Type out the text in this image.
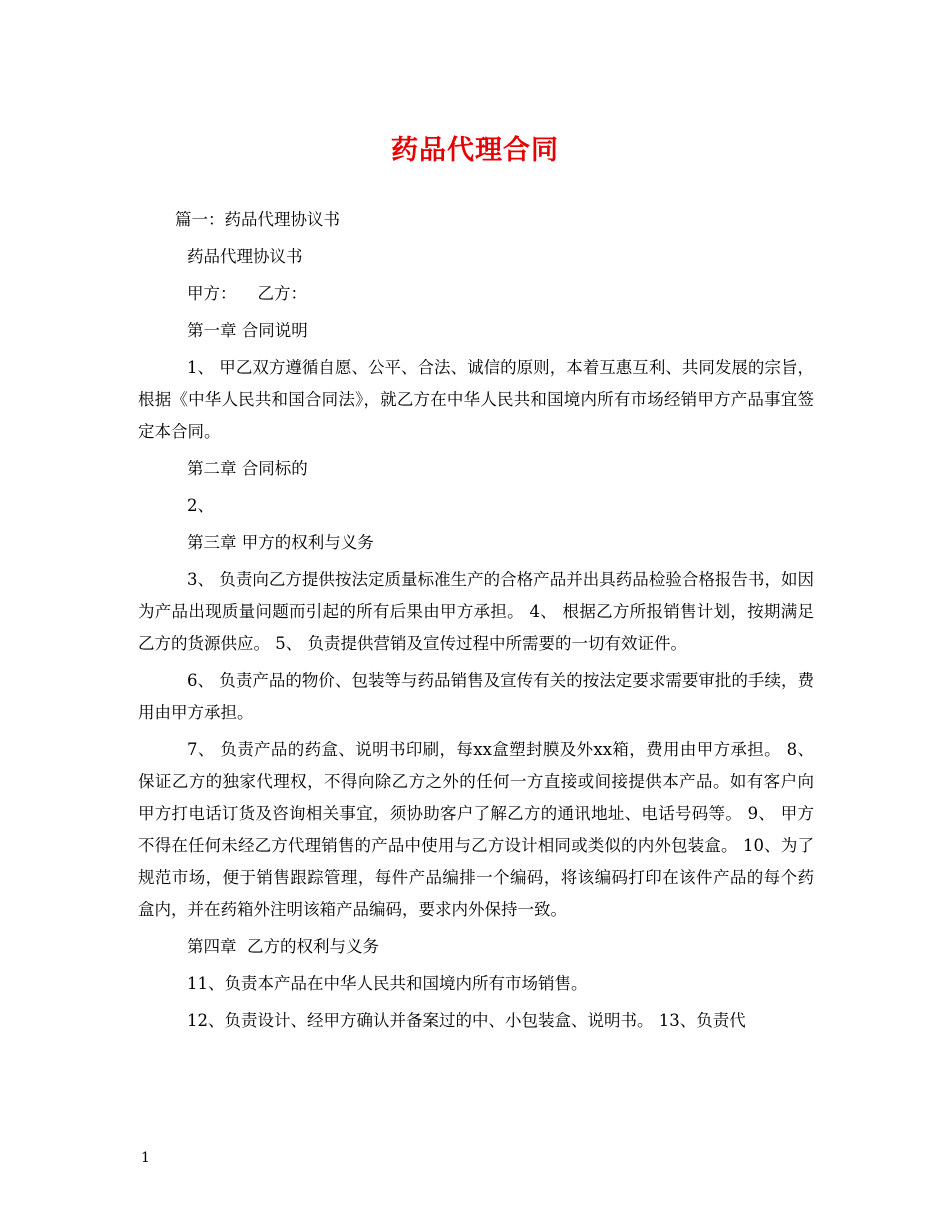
药品代理合同

篇一：药品代理协议书

药品代理协议书

甲方：    乙方：

第一章 合同说明

1、 甲乙双方遵循自愿、公平、合法、诚信的原则，本着互惠互利、共同发展的宗旨，根据《中华人民共和国合同法》，就乙方在中华人民共和国境内所有市场经销甲方产品事宜签定本合同。

第二章 合同标的

2、

第三章 甲方的权利与义务

3、 负责向乙方提供按法定质量标准生产的合格产品并出具药品检验合格报告书，如因为产品出现质量问题而引起的所有后果由甲方承担。 4、 根据乙方所报销售计划，按期满足乙方的货源供应。 5、 负责提供营销及宣传过程中所需要的一切有效证件。

6、 负责产品的物价、包装等与药品销售及宣传有关的按法定要求需要审批的手续，费用由甲方承担。

7、 负责产品的药盒、说明书印刷，每xx盒塑封膜及外xx箱，费用由甲方承担。 8、保证乙方的独家代理权，不得向除乙方之外的任何一方直接或间接提供本产品。如有客户向甲方打电话订货及咨询相关事宜，须协助客户了解乙方的通讯地址、电话号码等。 9、 甲方不得在任何未经乙方代理销售的产品中使用与乙方设计相同或类似的内外包装盒。 10、为了规范市场，便于销售跟踪管理，每件产品编排一个编码，将该编码打印在该件产品的每个药盒内，并在药箱外注明该箱产品编码，要求内外保持一致。

第四章  乙方的权利与义务

11、负责本产品在中华人民共和国境内所有市场销售。

12、负责设计、经甲方确认并备案过的中、小包装盒、说明书。 13、负责代

1
